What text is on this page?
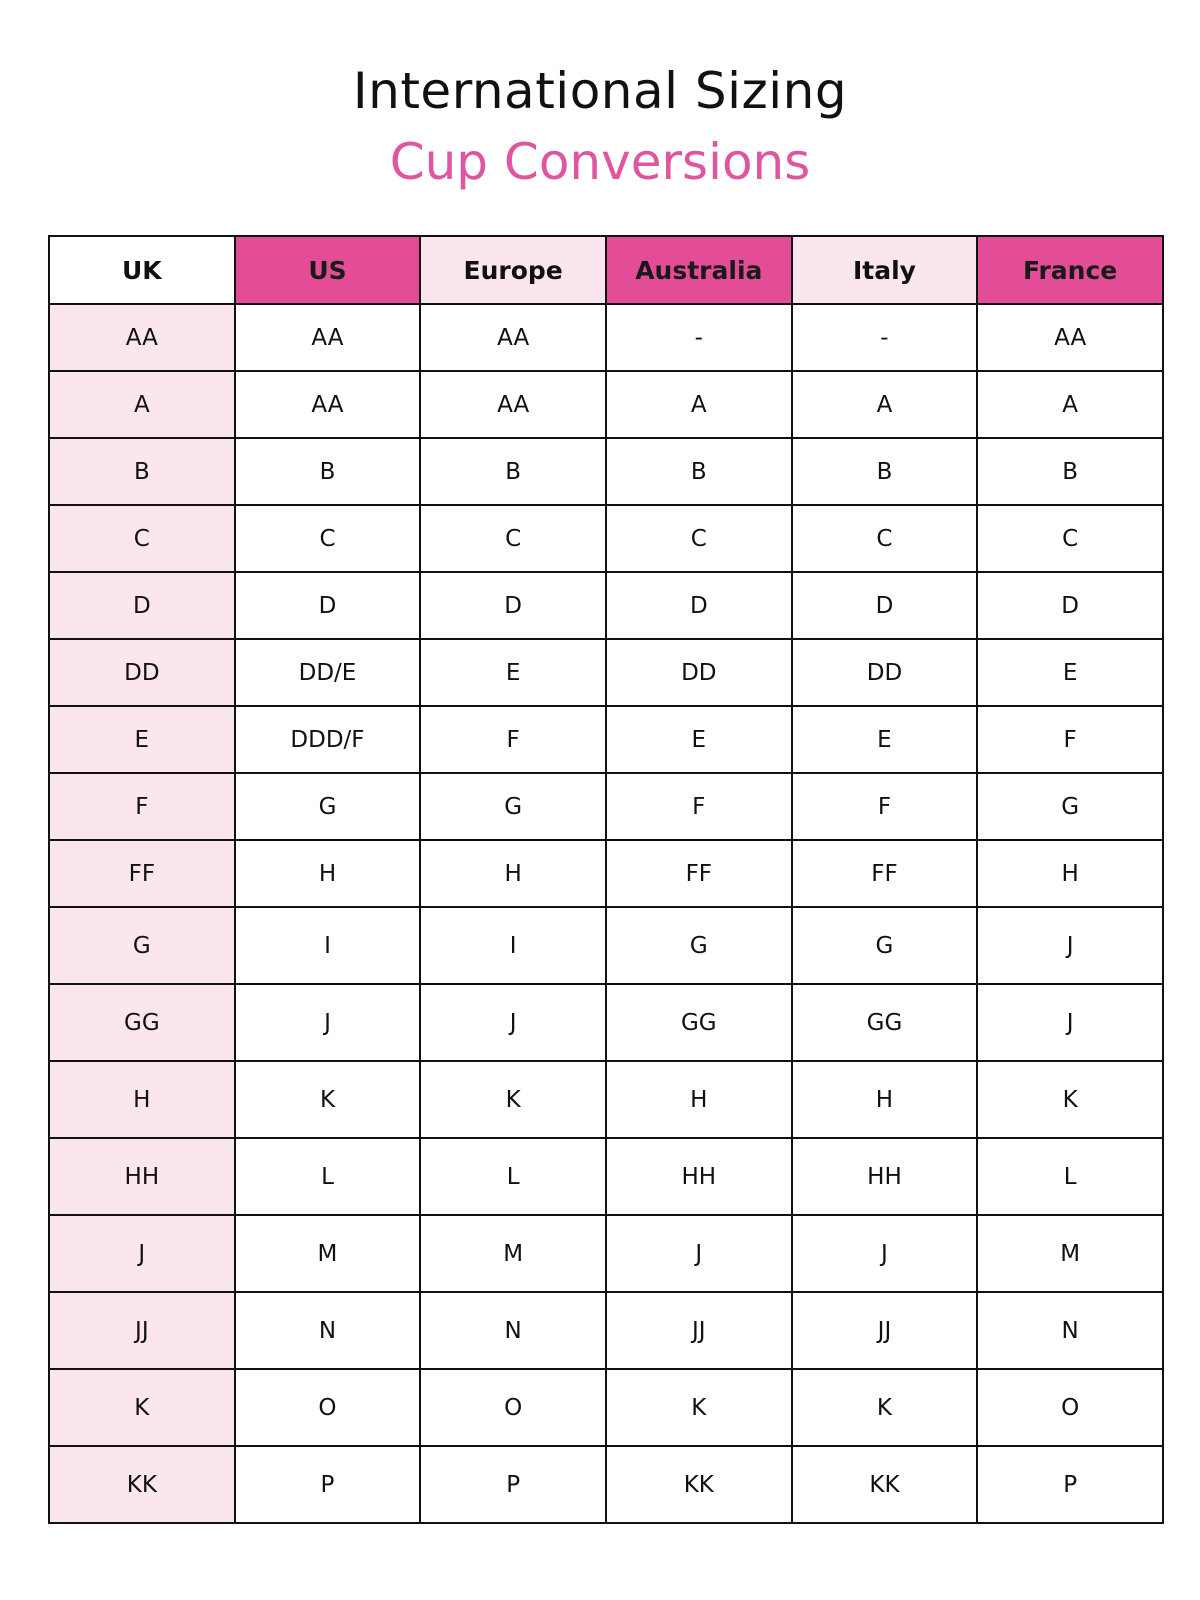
International Sizing
Cup Conversions
UK	US	Europe	Australia	Italy	France
AA	AA	AA	-	-	AA
A	AA	AA	A	A	A
B	B	B	B	B	B
C	C	C	C	C	C
D	D	D	D	D	D
DD	DD/E	E	DD	DD	E
E	DDD/F	F	E	E	F
F	G	G	F	F	G
FF	H	H	FF	FF	H
G	I	I	G	G	J
GG	J	J	GG	GG	J
H	K	K	H	H	K
HH	L	L	HH	HH	L
J	M	M	J	J	M
JJ	N	N	JJ	JJ	N
K	O	O	K	K	O
KK	P	P	KK	KK	P
